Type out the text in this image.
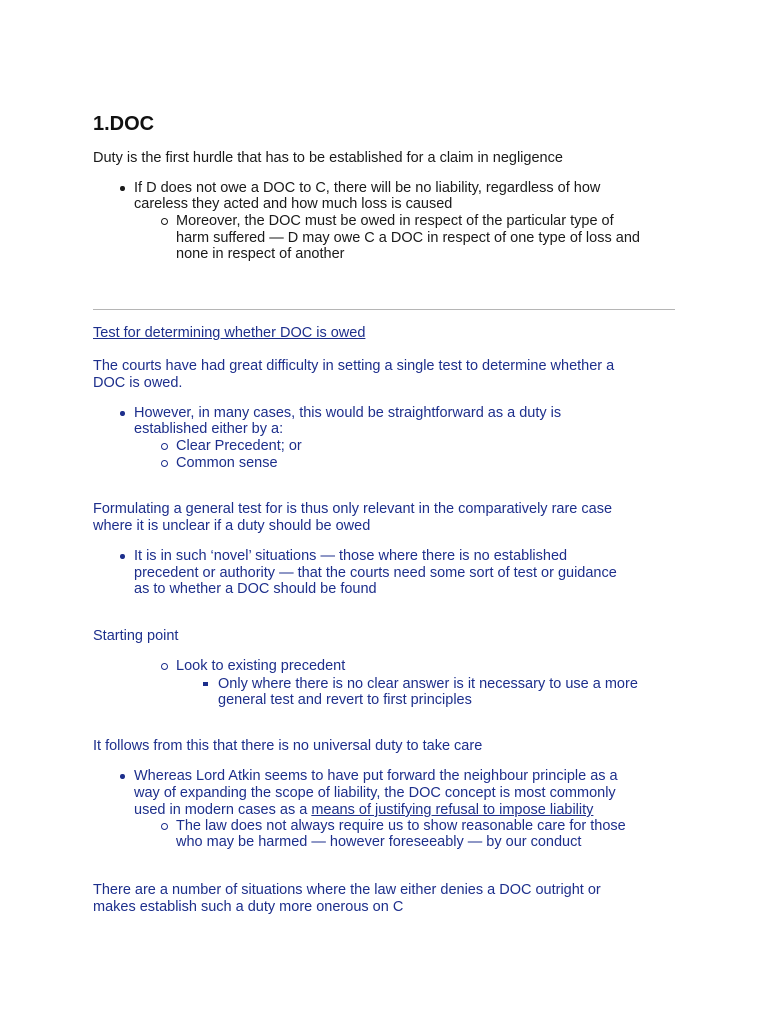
1.DOC
Duty is the first hurdle that has to be established for a claim in negligence
If D does not owe a DOC to C, there will be no liability, regardless of how
careless they acted and how much loss is caused
Moreover, the DOC must be owed in respect of the particular type of
harm suffered — D may owe C a DOC in respect of one type of loss and
none in respect of another
Test for determining whether DOC is owed
The courts have had great difficulty in setting a single test to determine whether a
DOC is owed.
However, in many cases, this would be straightforward as a duty is
established either by a:
Clear Precedent; or
Common sense
Formulating a general test for is thus only relevant in the comparatively rare case
where it is unclear if a duty should be owed
It is in such ‘novel’ situations — those where there is no established
precedent or authority — that the courts need some sort of test or guidance
as to whether a DOC should be found
Starting point
Look to existing precedent
Only where there is no clear answer is it necessary to use a more
general test and revert to first principles
It follows from this that there is no universal duty to take care
Whereas Lord Atkin seems to have put forward the neighbour principle as a
way of expanding the scope of liability, the DOC concept is most commonly
used in modern cases as a means of justifying refusal to impose liability
The law does not always require us to show reasonable care for those
who may be harmed — however foreseeably — by our conduct
There are a number of situations where the law either denies a DOC outright or
makes establish such a duty more onerous on C
